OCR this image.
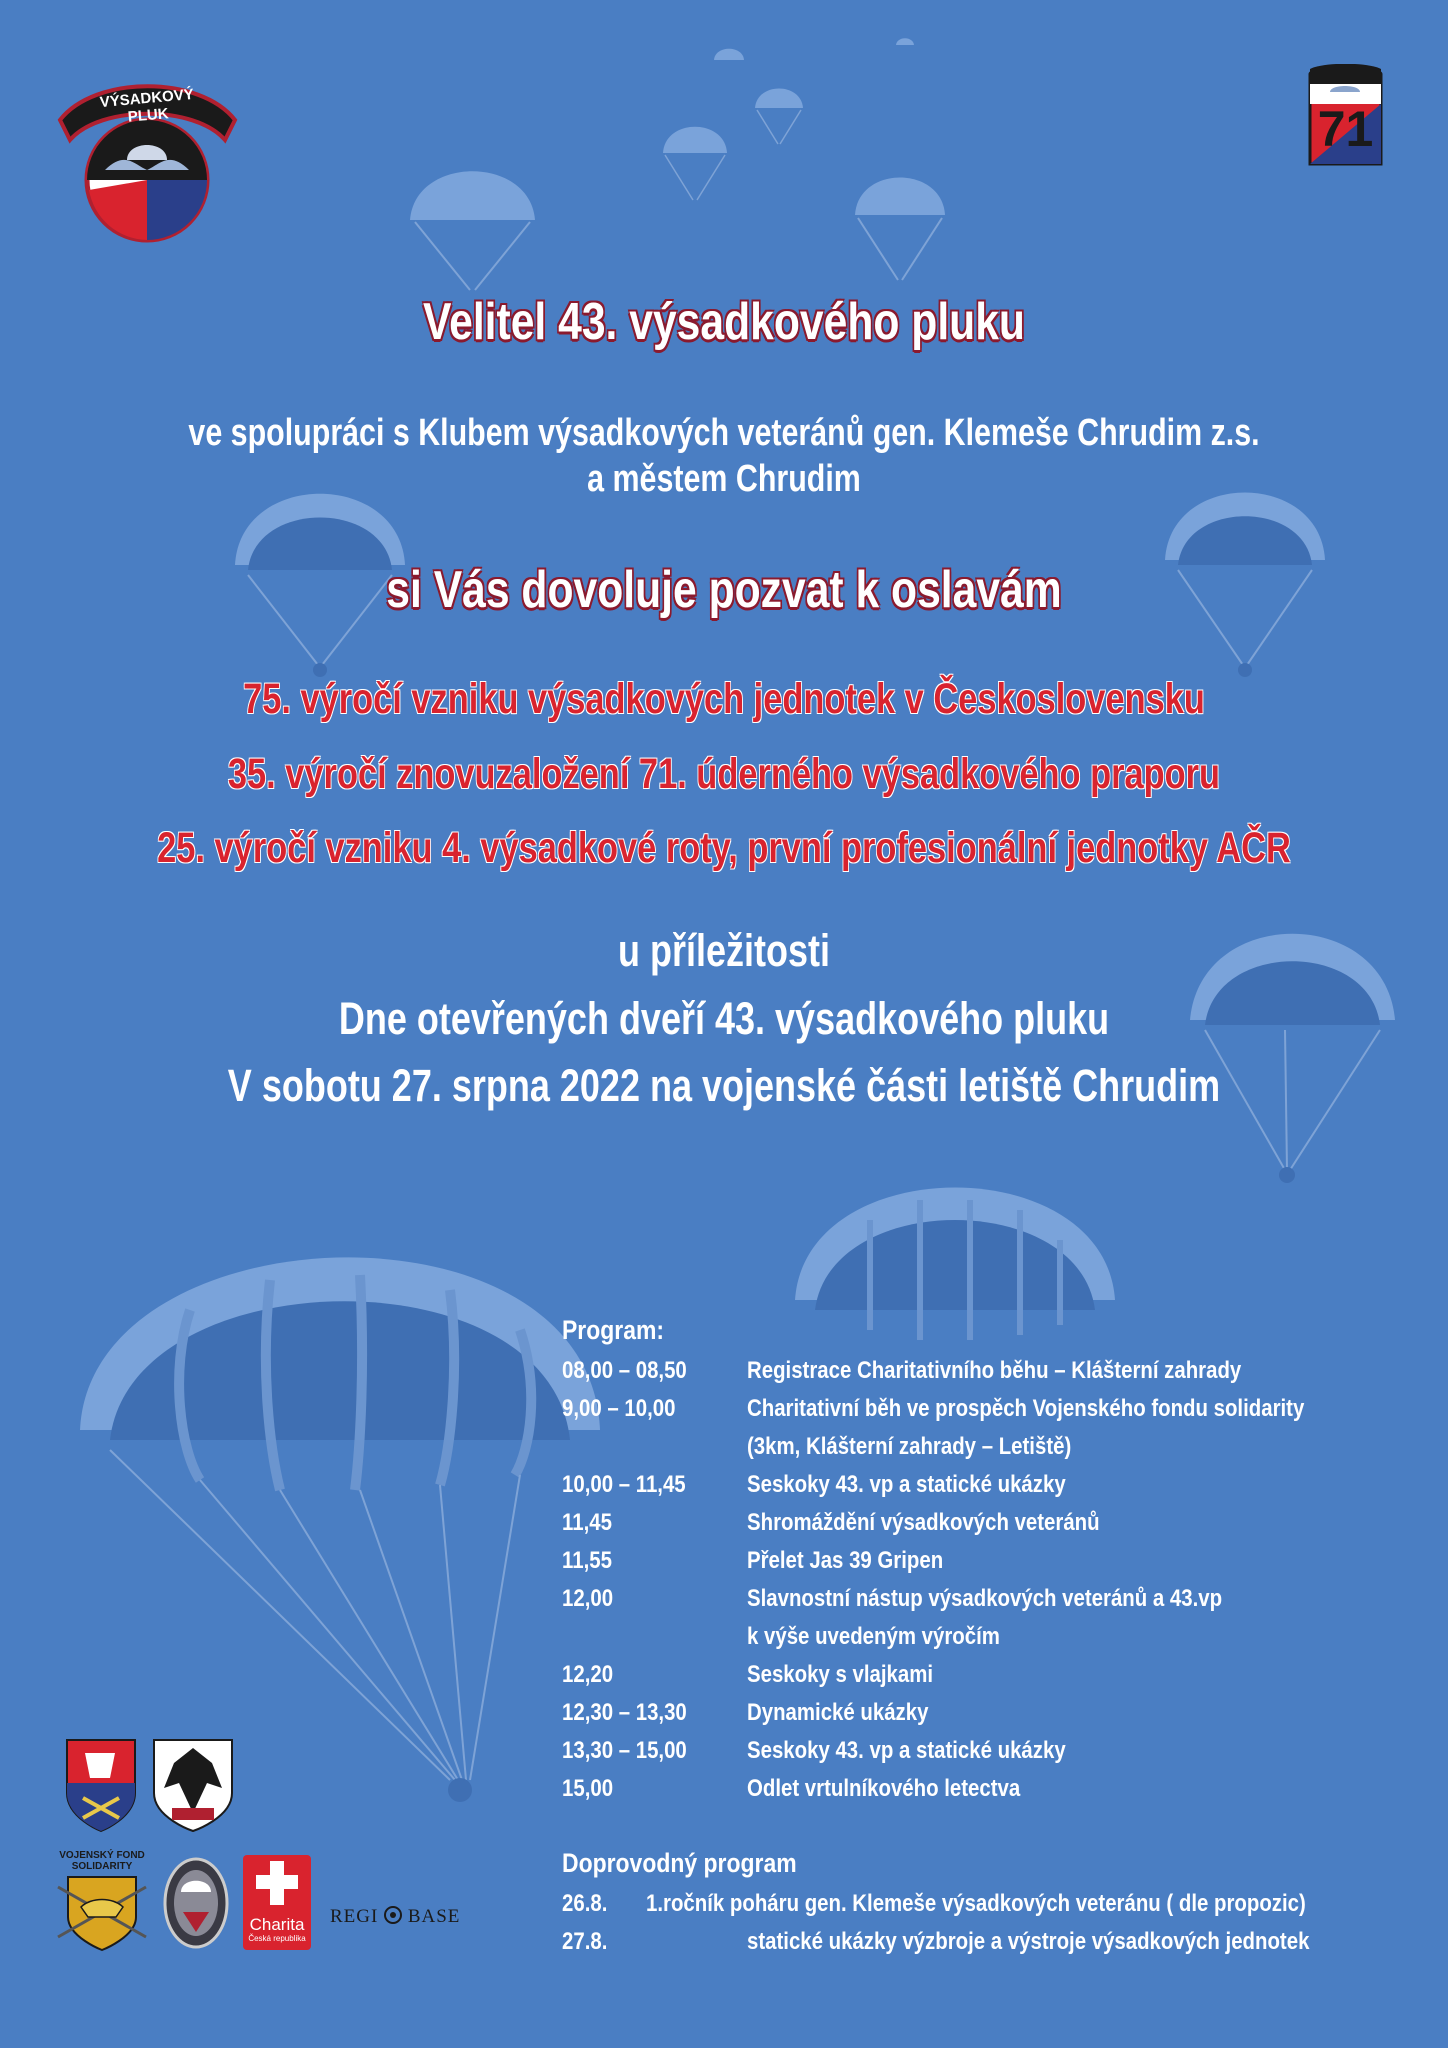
VÝSADKOVÝ PLUK	71
Velitel 43. výsadkového pluku
ve spolupráci s Klubem výsadkových veteránů gen. Klemeše Chrudim z.s.
a městem Chrudim
si Vás dovoluje pozvat k oslavám
75. výročí vzniku výsadkových jednotek v Československu
35. výročí znovuzaložení 71. úderného výsadkového praporu
25. výročí vzniku 4. výsadkové roty, první profesionální jednotky AČR
u příležitosti
Dne otevřených dveří 43. výsadkového pluku
V sobotu 27. srpna 2022 na vojenské části letiště Chrudim
Program:
08,00 – 08,50	Registrace Charitativního běhu – Klášterní zahrady
9,00 – 10,00	Charitativní běh ve prospěch Vojenského fondu solidarity
(3km, Klášterní zahrady – Letiště)
10,00 – 11,45	Seskoky 43. vp a statické ukázky
11,45	Shromáždění výsadkových veteránů
11,55	Přelet Jas 39 Gripen
12,00	Slavnostní nástup výsadkových veteránů a 43.vp
k výše uvedeným výročím
12,20	Seskoky s vlajkami
12,30 – 13,30	Dynamické ukázky
13,30 – 15,00	Seskoky 43. vp a statické ukázky
15,00	Odlet vrtulníkového letectva
Doprovodný program
26.8.	1.ročník poháru gen. Klemeše výsadkových veteránu ( dle propozic)
27.8.	statické ukázky výzbroje a výstroje výsadkových jednotek
VOJENSKÝ FOND SOLIDARITY
Charita
Česká republika
REGI BASE
